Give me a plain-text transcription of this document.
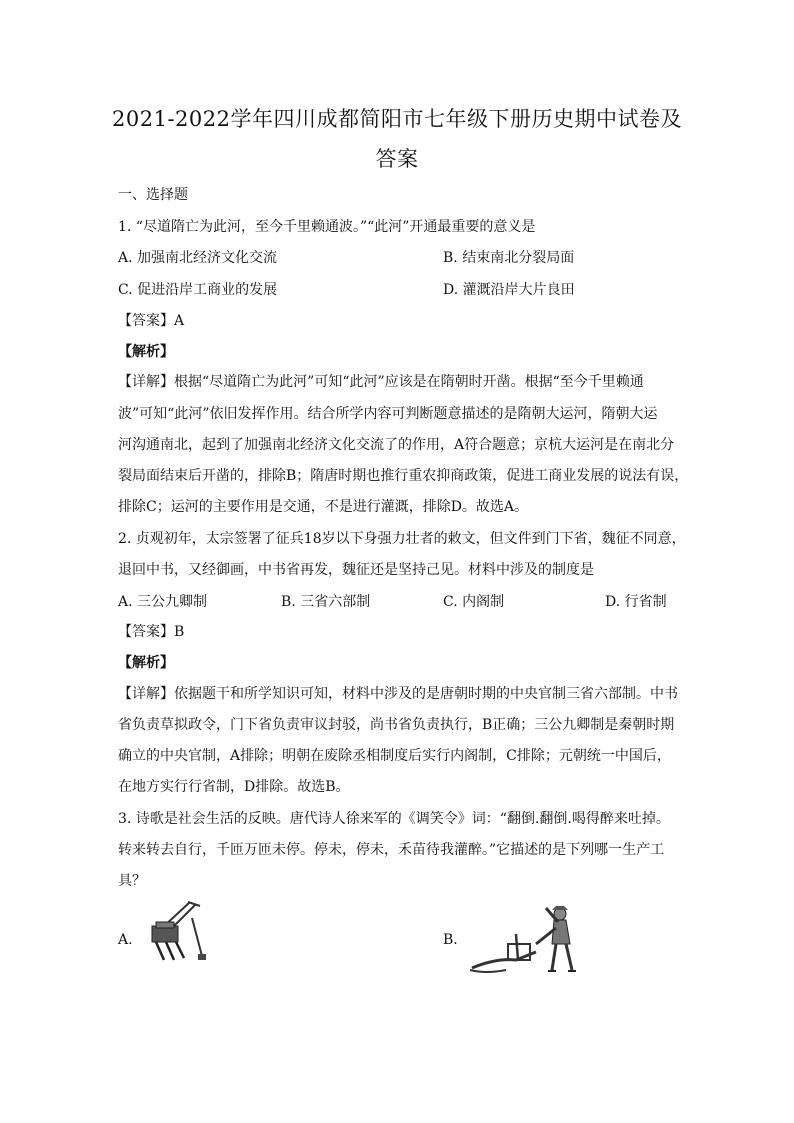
2021-2022学年四川成都简阳市七年级下册历史期中试卷及
答案
一、选择题
1. “尽道隋亡为此河，至今千里赖通波。”“此河”开通最重要的意义是
A. 加强南北经济文化交流	B. 结束南北分裂局面
C. 促进沿岸工商业的发展	D. 灌溉沿岸大片良田
【答案】A
【解析】
【详解】根据“尽道隋亡为此河”可知“此河”应该是在隋朝时开凿。根据“至今千里赖通
波”可知“此河”依旧发挥作用。结合所学内容可判断题意描述的是隋朝大运河，隋朝大运
河沟通南北，起到了加强南北经济文化交流了的作用，A符合题意；京杭大运河是在南北分
裂局面结束后开凿的，排除B；隋唐时期也推行重农抑商政策，促进工商业发展的说法有误，
排除C；运河的主要作用是交通，不是进行灌溉，排除D。故选A。
2. 贞观初年，太宗签署了征兵18岁以下身强力壮者的敕文，但文件到门下省，魏征不同意，
退回中书，又经御画，中书省再发，魏征还是坚持己见。材料中涉及的制度是
A. 三公九卿制	B. 三省六部制	C. 内阁制	D. 行省制
【答案】B
【解析】
【详解】依据题干和所学知识可知，材料中涉及的是唐朝时期的中央官制三省六部制。中书
省负责草拟政令，门下省负责审议封驳，尚书省负责执行，B正确；三公九卿制是秦朝时期
确立的中央官制，A排除；明朝在废除丞相制度后实行内阁制，C排除；元朝统一中国后，
在地方实行行省制，D排除。故选B。
3. 诗歌是社会生活的反映。唐代诗人徐来军的《调笑令》词：“翻倒.翻倒.喝得醉来吐掉。
转来转去自行，千匝万匝未停。停未，停未，禾苗待我灌醉。”它描述的是下列哪一生产工
具？
A.	B.
